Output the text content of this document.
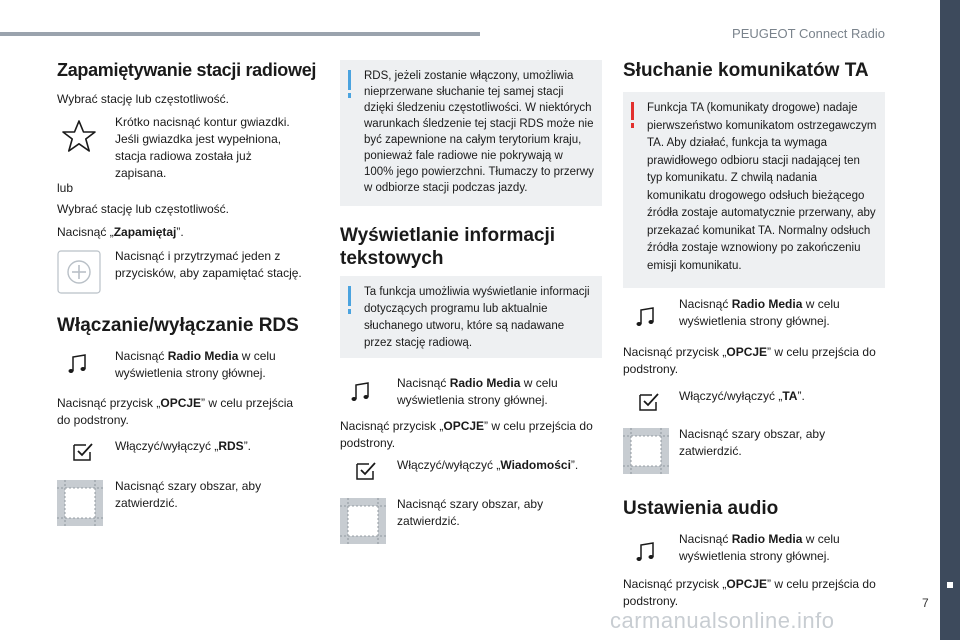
PEUGEOT Connect Radio
7
carmanualsonline.info
Zapamiętywanie stacji radiowej
Wybrać stację lub częstotliwość.
Krótko nacisnąć kontur gwiazdki. Jeśli gwiazdka jest wypełniona, stacja radiowa została już zapisana.
lub
Wybrać stację lub częstotliwość.
Nacisnąć „Zapamiętaj”.
Nacisnąć i przytrzymać jeden z przycisków, aby zapamiętać stację.
Włączanie/wyłączanie RDS
Nacisnąć Radio Media w celu wyświetlenia strony głównej.
Nacisnąć przycisk „OPCJE” w celu przejścia do podstrony.
Włączyć/wyłączyć „RDS”.
Nacisnąć szary obszar, aby zatwierdzić.
RDS, jeżeli zostanie włączony, umożliwia nieprzerwane słuchanie tej samej stacji dzięki śledzeniu częstotliwości. W niektórych warunkach śledzenie tej stacji RDS może nie być zapewnione na całym terytorium kraju, ponieważ fale radiowe nie pokrywają w 100% jego powierzchni. Tłumaczy to przerwy w odbiorze stacji podczas jazdy.
Wyświetlanie informacji tekstowych
Ta funkcja umożliwia wyświetlanie informacji dotyczących programu lub aktualnie słuchanego utworu, które są nadawane przez stację radiową.
Nacisnąć Radio Media w celu wyświetlenia strony głównej.
Nacisnąć przycisk „OPCJE” w celu przejścia do podstrony.
Włączyć/wyłączyć „Wiadomości”.
Nacisnąć szary obszar, aby zatwierdzić.
Słuchanie komunikatów TA
Funkcja TA (komunikaty drogowe) nadaje pierwszeństwo komunikatom ostrzegawczym TA. Aby działać, funkcja ta wymaga prawidłowego odbioru stacji nadającej ten typ komunikatu. Z chwilą nadania komunikatu drogowego odsłuch bieżącego źródła zostaje automatycznie przerwany, aby przekazać komunikat TA. Normalny odsłuch źródła zostaje wznowiony po zakończeniu emisji komunikatu.
Nacisnąć Radio Media w celu wyświetlenia strony głównej.
Nacisnąć przycisk „OPCJE” w celu przejścia do podstrony.
Włączyć/wyłączyć „TA”.
Nacisnąć szary obszar, aby zatwierdzić.
Ustawienia audio
Nacisnąć Radio Media w celu wyświetlenia strony głównej.
Nacisnąć przycisk „OPCJE” w celu przejścia do podstrony.
